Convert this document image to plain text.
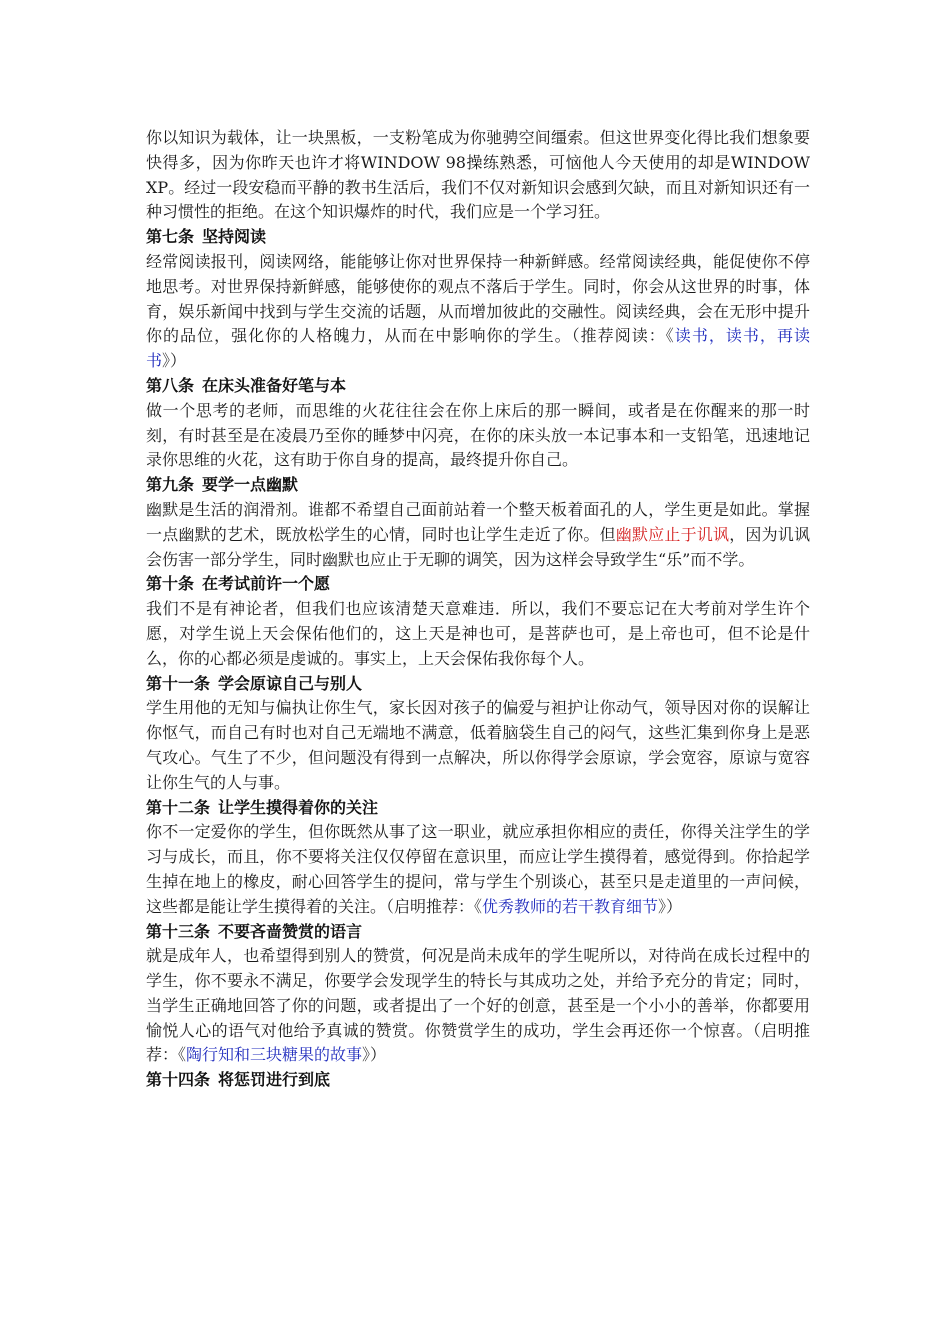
你以知识为载体，让一块黑板，一支粉笔成为你驰骋空间缰索。但这世界变化得比我们想象要快得多，因为你昨天也许才将WINDOW 98操练熟悉，可恼他人今天使用的却是WINDOW XP。经过一段安稳而平静的教书生活后，我们不仅对新知识会感到欠缺，而且对新知识还有一种习惯性的拒绝。在这个知识爆炸的时代，我们应是一个学习狂。

第七条 坚持阅读

经常阅读报刊，阅读网络，能能够让你对世界保持一种新鲜感。经常阅读经典，能促使你不停地思考。对世界保持新鲜感，能够使你的观点不落后于学生。同时，你会从这世界的时事，体育，娱乐新闻中找到与学生交流的话题，从而增加彼此的交融性。阅读经典，会在无形中提升你的品位，强化你的人格魄力，从而在中影响你的学生。（推荐阅读：《读书，读书，再读书》）

第八条 在床头准备好笔与本

做一个思考的老师，而思维的火花往往会在你上床后的那一瞬间，或者是在你醒来的那一时刻，有时甚至是在凌晨乃至你的睡梦中闪亮，在你的床头放一本记事本和一支铅笔，迅速地记录你思维的火花，这有助于你自身的提高，最终提升你自己。

第九条 要学一点幽默

幽默是生活的润滑剂。谁都不希望自己面前站着一个整天板着面孔的人，学生更是如此。掌握一点幽默的艺术，既放松学生的心情，同时也让学生走近了你。但幽默应止于讥讽，因为讥讽会伤害一部分学生，同时幽默也应止于无聊的调笑，因为这样会导致学生“乐”而不学。

第十条 在考试前许一个愿

我们不是有神论者，但我们也应该清楚天意难违．所以，我们不要忘记在大考前对学生许个愿，对学生说上天会保佑他们的，这上天是神也可，是菩萨也可，是上帝也可，但不论是什么，你的心都必须是虔诚的。事实上，上天会保佑我你每个人。

第十一条 学会原谅自己与别人

学生用他的无知与偏执让你生气，家长因对孩子的偏爱与袒护让你动气，领导因对你的误解让你怄气，而自己有时也对自己无端地不满意，低着脑袋生自己的闷气，这些汇集到你身上是恶气攻心。气生了不少，但问题没有得到一点解决，所以你得学会原谅，学会宽容，原谅与宽容让你生气的人与事。

第十二条 让学生摸得着你的关注

你不一定爱你的学生，但你既然从事了这一职业，就应承担你相应的责任，你得关注学生的学习与成长，而且，你不要将关注仅仅停留在意识里，而应让学生摸得着，感觉得到。你拾起学生掉在地上的橡皮，耐心回答学生的提问，常与学生个别谈心，甚至只是走道里的一声问候，这些都是能让学生摸得着的关注。（启明推荐：《优秀教师的若干教育细节》）

第十三条 不要吝啬赞赏的语言

就是成年人，也希望得到别人的赞赏，何况是尚未成年的学生呢所以，对待尚在成长过程中的学生，你不要永不满足，你要学会发现学生的特长与其成功之处，并给予充分的肯定；同时，当学生正确地回答了你的问题，或者提出了一个好的创意，甚至是一个小小的善举，你都要用愉悦人心的语气对他给予真诚的赞赏。你赞赏学生的成功，学生会再还你一个惊喜。（启明推荐：《陶行知和三块糖果的故事》）

第十四条 将惩罚进行到底
